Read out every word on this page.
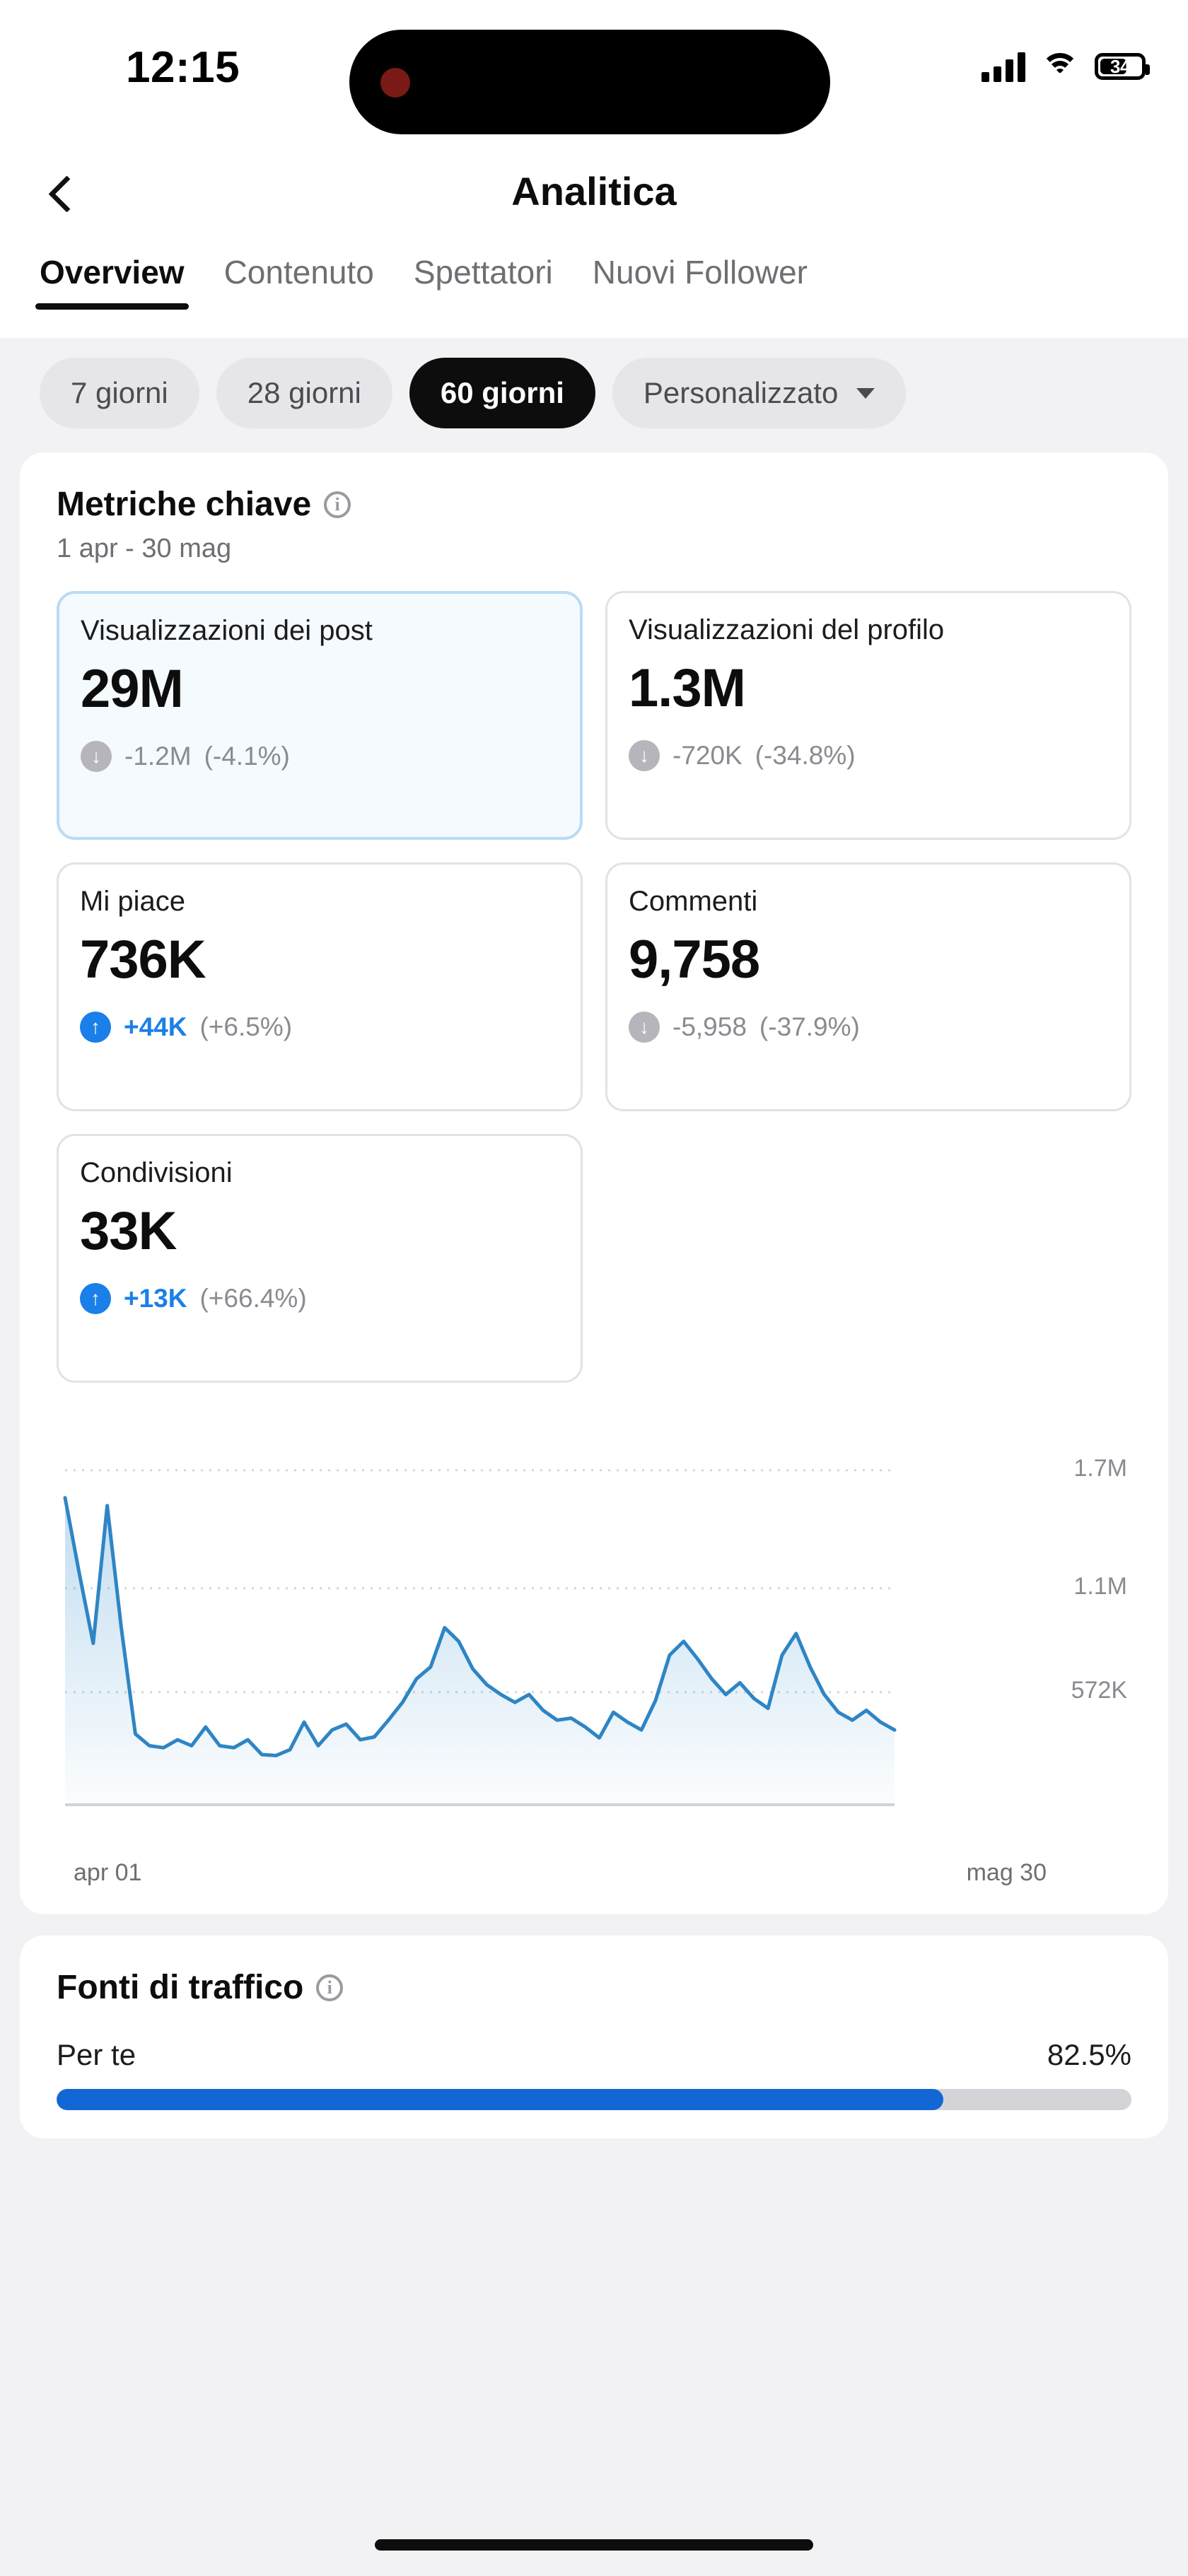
12:15	34
Analitica
Overview Contenuto Spettatori Nuovi Follower
7 giorni	28 giorni	60 giorni	Personalizzato
Metriche chiave	i
1 apr - 30 mag
Visualizzazioni dei post
29M
↓ -1.2M (-4.1%)
Visualizzazioni del profilo
1.3M
↓ -720K (-34.8%)
Mi piace
736K
↑ +44K (+6.5%)
Commenti
9,758
↓ -5,958 (-37.9%)
Condivisioni
33K
↑ +13K (+66.4%)
1.7M
1.1M
572K
apr 01	mag 30
Fonti di traffico	i
Per te	82.5%
